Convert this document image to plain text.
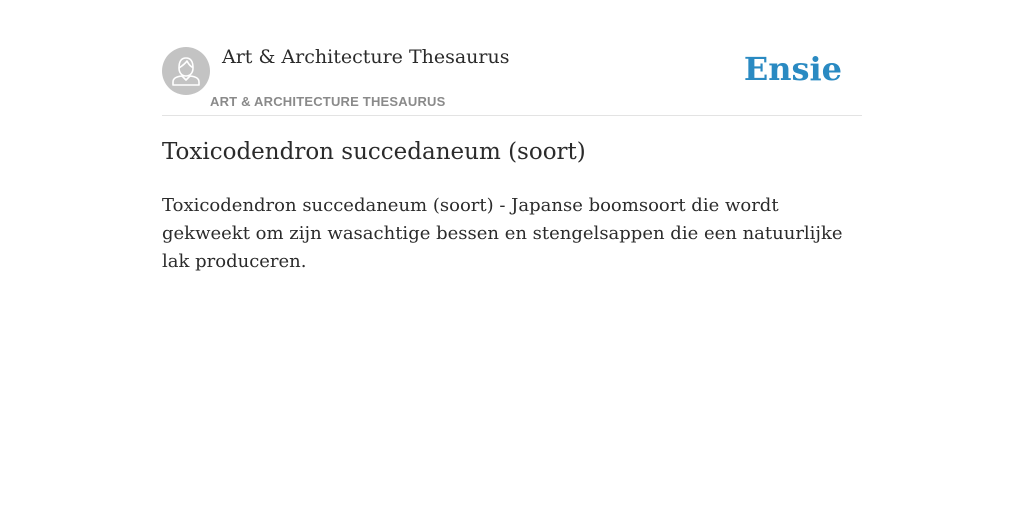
Art & Architecture Thesaurus
ART & ARCHITECTURE THESAURUS
Ensie
Toxicodendron succedaneum (soort)

Toxicodendron succedaneum (soort) - Japanse boomsoort die wordt gekweekt om zijn wasachtige bessen en stengelsappen die een natuurlijke lak produceren.
